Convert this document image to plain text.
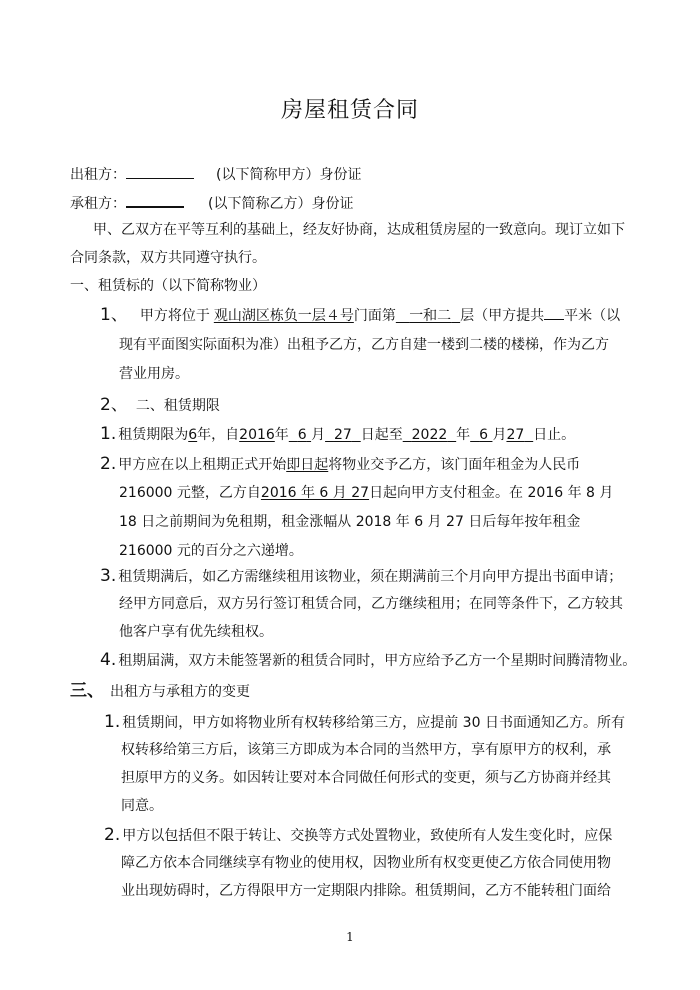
房屋租赁合同
出租方：	(以下简称甲方）身份证
承租方：	(以下简称乙方）身份证
甲、乙双方在平等互利的基础上，经友好协商，达成租赁房屋的一致意向。现订立如下
合同条款，双方共同遵守执行。
一、租赁标的（以下简称物业）
1、 甲方将位于 观山湖区栋负一层４号门面第 一和二 层（甲方提共 平米（以
现有平面图实际面积为准）出租予乙方，乙方自建一楼到二楼的楼梯，作为乙方
营业用房。
2、 二、租赁期限
1. 租赁期限为6年，自2016年 6 月 27 日起至 2022 年 6 月27 日止。
2. 甲方应在以上租期正式开始即日起将物业交予乙方，该门面年租金为人民币
216000 元整，乙方自2016 年 6 月 27日起向甲方支付租金。在 2016 年 8 月
18 日之前期间为免租期，租金涨幅从 2018 年 6 月 27 日后每年按年租金
216000 元的百分之六递增。
3. 租赁期满后，如乙方需继续租用该物业，须在期满前三个月向甲方提出书面申请；
经甲方同意后，双方另行签订租赁合同，乙方继续租用；在同等条件下，乙方较其
他客户享有优先续租权。
4. 租期届满，双方未能签署新的租赁合同时，甲方应给予乙方一个星期时间腾清物业。
三、 出租方与承租方的变更
1. 租赁期间，甲方如将物业所有权转移给第三方，应提前 30 日书面通知乙方。所有
权转移给第三方后，该第三方即成为本合同的当然甲方，享有原甲方的权利，承
担原甲方的义务。如因转让要对本合同做任何形式的变更，须与乙方协商并经其
同意。
2. 甲方以包括但不限于转让、交换等方式处置物业，致使所有人发生变化时，应保
障乙方依本合同继续享有物业的使用权，因物业所有权变更使乙方依合同使用物
业出现妨碍时，乙方得限甲方一定期限内排除。租赁期间，乙方不能转租门面给
1
